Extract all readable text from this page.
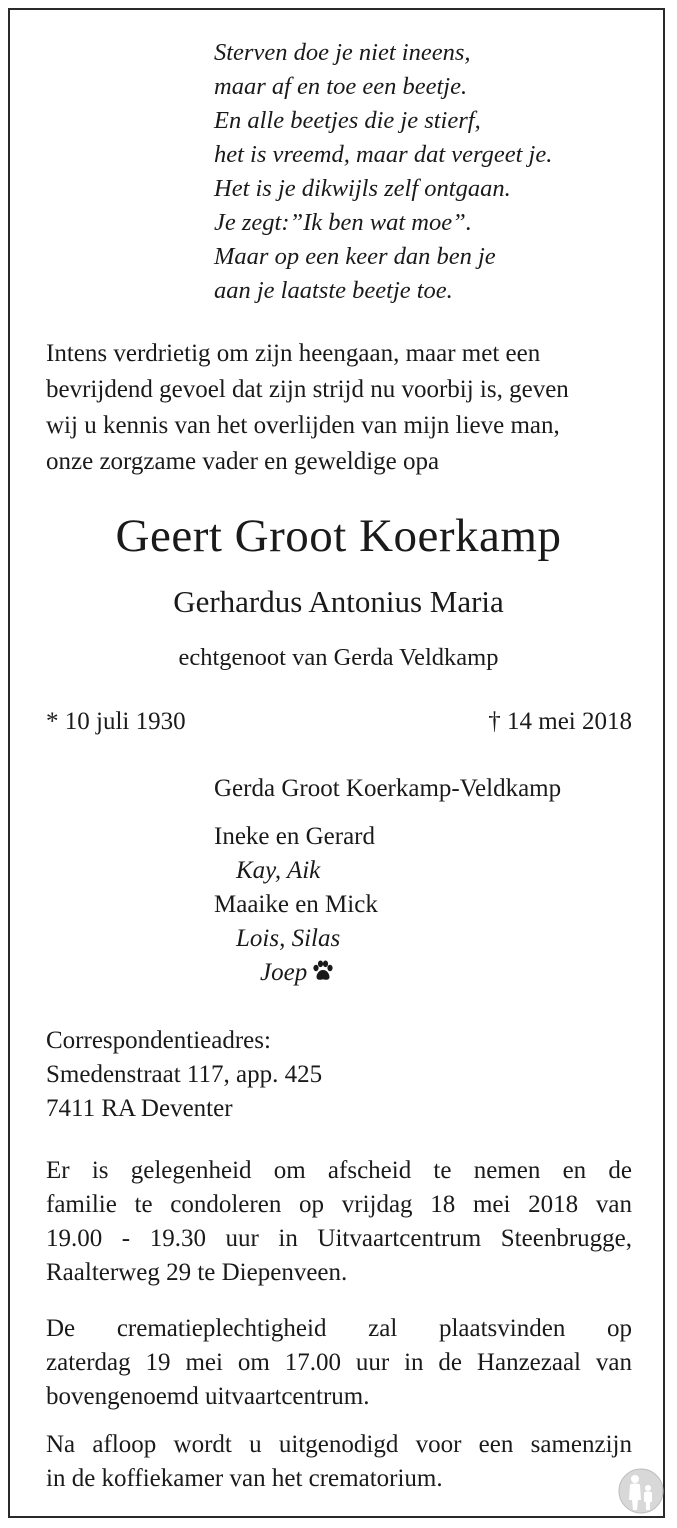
Sterven doe je niet ineens,
maar af en toe een beetje.
En alle beetjes die je stierf,
het is vreemd, maar dat vergeet je.
Het is je dikwijls zelf ontgaan.
Je zegt:”Ik ben wat moe”.
Maar op een keer dan ben je
aan je laatste beetje toe.
Intens verdrietig om zijn heengaan, maar met een
bevrijdend gevoel dat zijn strijd nu voorbij is, geven
wij u kennis van het overlijden van mijn lieve man,
onze zorgzame vader en geweldige opa
Geert Groot Koerkamp
Gerhardus Antonius Maria
echtgenoot van Gerda Veldkamp
* 10 juli 1930	† 14 mei 2018
Gerda Groot Koerkamp-Veldkamp
Ineke en Gerard
Kay, Aik
Maaike en Mick
Lois, Silas
Joep
Correspondentieadres:
Smedenstraat 117, app. 425
7411 RA Deventer
Er is gelegenheid om afscheid te nemen en de
familie te condoleren op vrijdag 18 mei 2018 van
19.00 - 19.30 uur in Uitvaartcentrum Steenbrugge,
Raalterweg 29 te Diepenveen.
De crematieplechtigheid zal plaatsvinden op
zaterdag 19 mei om 17.00 uur in de Hanzezaal van
bovengenoemd uitvaartcentrum.
Na afloop wordt u uitgenodigd voor een samenzijn
in de koffiekamer van het crematorium.
